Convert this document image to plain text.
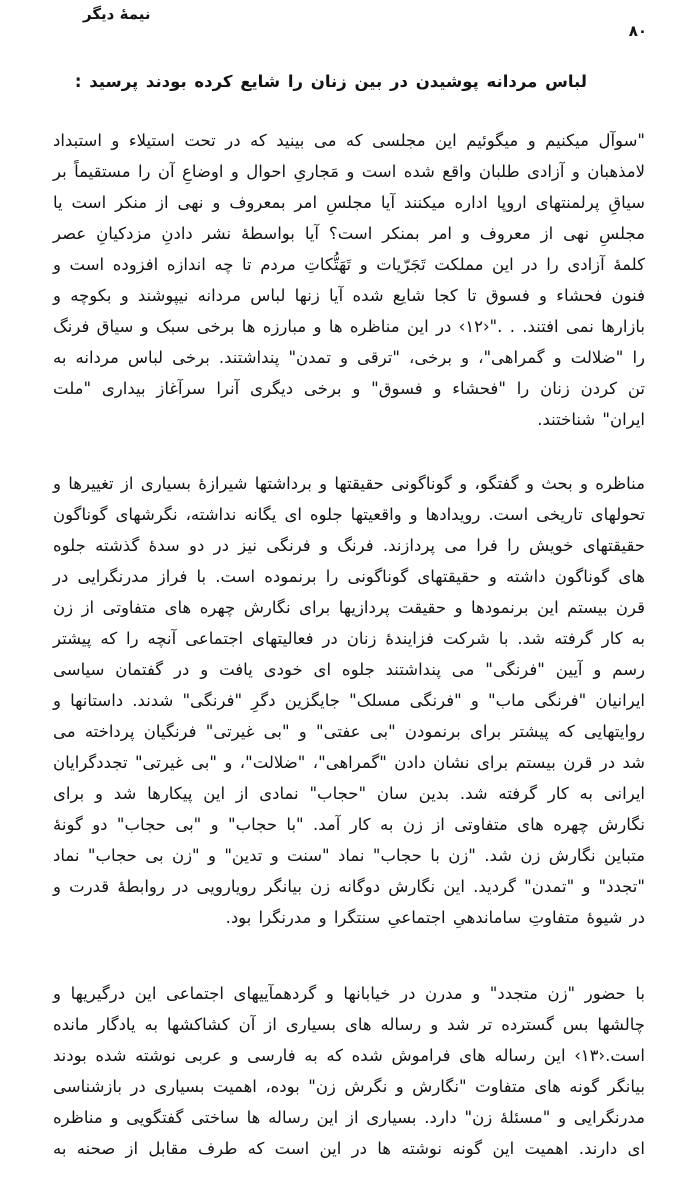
نیمهٔ دیگر
۸۰

لباس مردانه پوشیدن در بین زنان را شایع کرده بودند پرسید :

"سوآل میکنیم و میگوئیم این مجلسی که می بینید که در تحت استیلاء و استبداد لامذهبان و آزادی طلبان واقع شده است و مَجاریِ احوال و اوضاعِ آن را مستقیماً بر سیاقِ پرلمنتهای اروپا اداره میکنند آیا مجلسِ امر بمعروف و نهی از منکر است یا مجلسِ نهی از معروف و امر بمنکر است؟ آیا بواسطهٔ نشر دادنِ مزدکیانِ عصر کلمهٔ آزادی را در این مملکت تَجَرّیات و تَهَتُّکاتِ مردم تا چه اندازه افزوده است و فنون فحشاء و فسوق تا کجا شایع شده آیا زنها لباس مردانه نیپوشند و بکوچه و بازارها نمی افتند. . ."‹۱۲› در این مناظره ها و مبارزه ها برخی سبک و سیاق فرنگ را "ضلالت و گمراهی"، و برخی، "ترقی و تمدن" پنداشتند. برخی لباس مردانه به تن کردن زنان را "فحشاء و فسوق" و برخی دیگری آنرا سرآغاز بیداری "ملت ایران" شناختند.

مناظره و بحث و گفتگو، و گوناگونی حقیقتها و برداشتها شیرازهٔ بسیاری از تغییرها و تحولهای تاریخی است. رویدادها و واقعیتها جلوه ای یگانه نداشته، نگرشهای گوناگون حقیقتهای خویش را فرا می پردازند. فرنگ و فرنگی نیز در دو سدهٔ گذشته جلوه های گوناگون داشته و حقیقتهای گوناگونی را برنموده است. با فراز مدرنگرایی در قرن بیستم این برنمودها و حقیقت پردازیها برای نگارش چهره های متفاوتی از زن به کار گرفته شد. با شرکت فزایندهٔ زنان در فعالیتهای اجتماعی آنچه را که پیشتر رسم و آیین "فرنگی" می پنداشتند جلوه ای خودی یافت و در گفتمان سیاسی ایرانیان "فرنگی ماب" و "فرنگی مسلک" جایگزین دگرِ "فرنگی" شدند. داستانها و روایتهایی که پیشتر برای برنمودن "بی عفتی" و "بی غیرتی" فرنگیان پرداخته می شد در قرن بیستم برای نشان دادن "گمراهی"، "ضلالت"، و "بی غیرتی" تجددگرایان ایرانی به کار گرفته شد. بدین سان "حجاب" نمادی از این پیکارها شد و برای نگارش چهره های متفاوتی از زن به کار آمد. "با حجاب" و "بی حجاب" دو گونهٔ متباین نگارش زن شد. "زن با حجاب" نماد "سنت و تدین" و "زن بی حجاب" نماد "تجدد" و "تمدن" گردید. این نگارش دوگانه زن بیانگر رویارویی در روابطهٔ قدرت و در شیوهٔ متفاوتِ ساماندهیِ اجتماعیِ سنتگرا و مدرنگرا بود.

با حضور "زن متجدد" و مدرن در خیابانها و گردهمآییهای اجتماعی این درگیریها و چالشها بس گسترده تر شد و رساله های بسیاری از آن کشاکشها به یادگار مانده است.‹۱۳› این رساله های فراموش شده که به فارسی و عربی نوشته شده بودند بیانگر گونه های متفاوت "نگارش و نگرش زن" بوده، اهمیت بسیاری در بازشناسی مدرنگرایی و "مسئلهٔ زن" دارد. بسیاری از این رساله ها ساختی گفتگویی و مناظره ای دارند. اهمیت این گونه نوشته ها در این است که طرف مقابل از صحنه به
